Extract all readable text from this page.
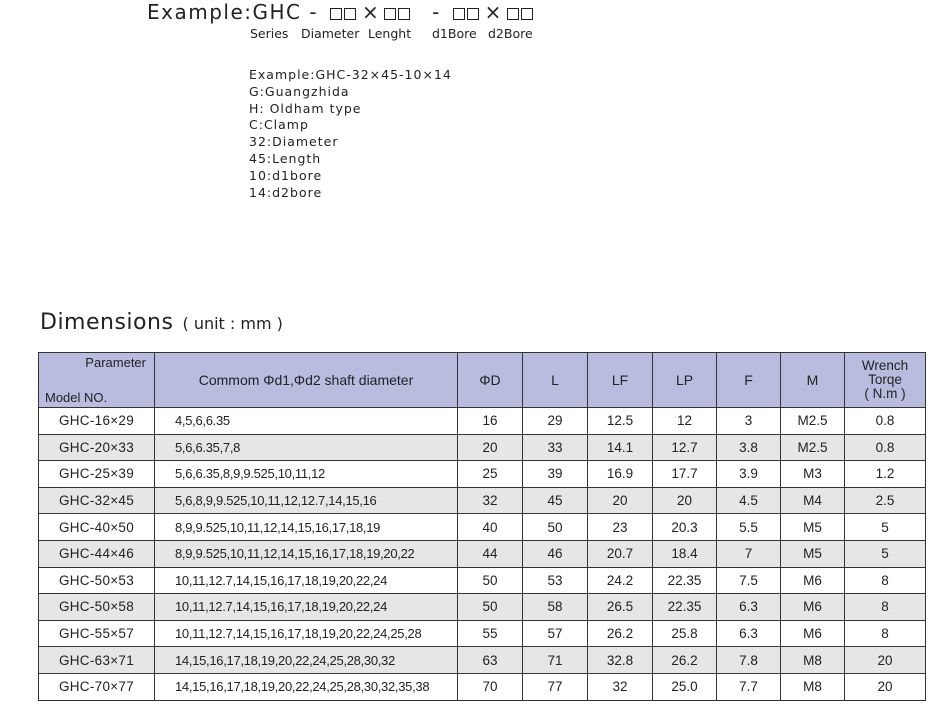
Example:GHC - ×	- ×
Series Diameter Lenght d1Bore d2Bore
Example:GHC-32×45-10×14
G:Guangzhida
H: Oldham type
C:Clamp
32:Diameter
45:Length
10:d1bore
14:d2bore
Dimensions ( unit : mm )
Parameter
Model NO.	Commom Φd1,Φd2 shaft diameter	ΦD	L	LF	LP	F	M	Wrench
Torqe
( N.m )

GHC-16×29	4,5,6,6.35	16	29	12.5	12	3	M2.5	0.8
GHC-20×33	5,6,6.35,7,8	20	33	14.1	12.7	3.8	M2.5	0.8
GHC-25×39	5,6,6.35,8,9,9.525,10,11,12	25	39	16.9	17.7	3.9	M3	1.2
GHC-32×45	5,6,8,9,9.525,10,11,12,12.7,14,15,16	32	45	20	20	4.5	M4	2.5
GHC-40×50	8,9,9.525,10,11,12,14,15,16,17,18,19	40	50	23	20.3	5.5	M5	5
GHC-44×46	8,9,9.525,10,11,12,14,15,16,17,18,19,20,22	44	46	20.7	18.4	7	M5	5
GHC-50×53	10,11,12.7,14,15,16,17,18,19,20,22,24	50	53	24.2	22.35	7.5	M6	8
GHC-50×58	10,11,12.7,14,15,16,17,18,19,20,22,24	50	58	26.5	22.35	6.3	M6	8
GHC-55×57	10,11,12.7,14,15,16,17,18,19,20,22,24,25,28	55	57	26.2	25.8	6.3	M6	8
GHC-63×71	14,15,16,17,18,19,20,22,24,25,28,30,32	63	71	32.8	26.2	7.8	M8	20
GHC-70×77	14,15,16,17,18,19,20,22,24,25,28,30,32,35,38	70	77	32	25.0	7.7	M8	20
